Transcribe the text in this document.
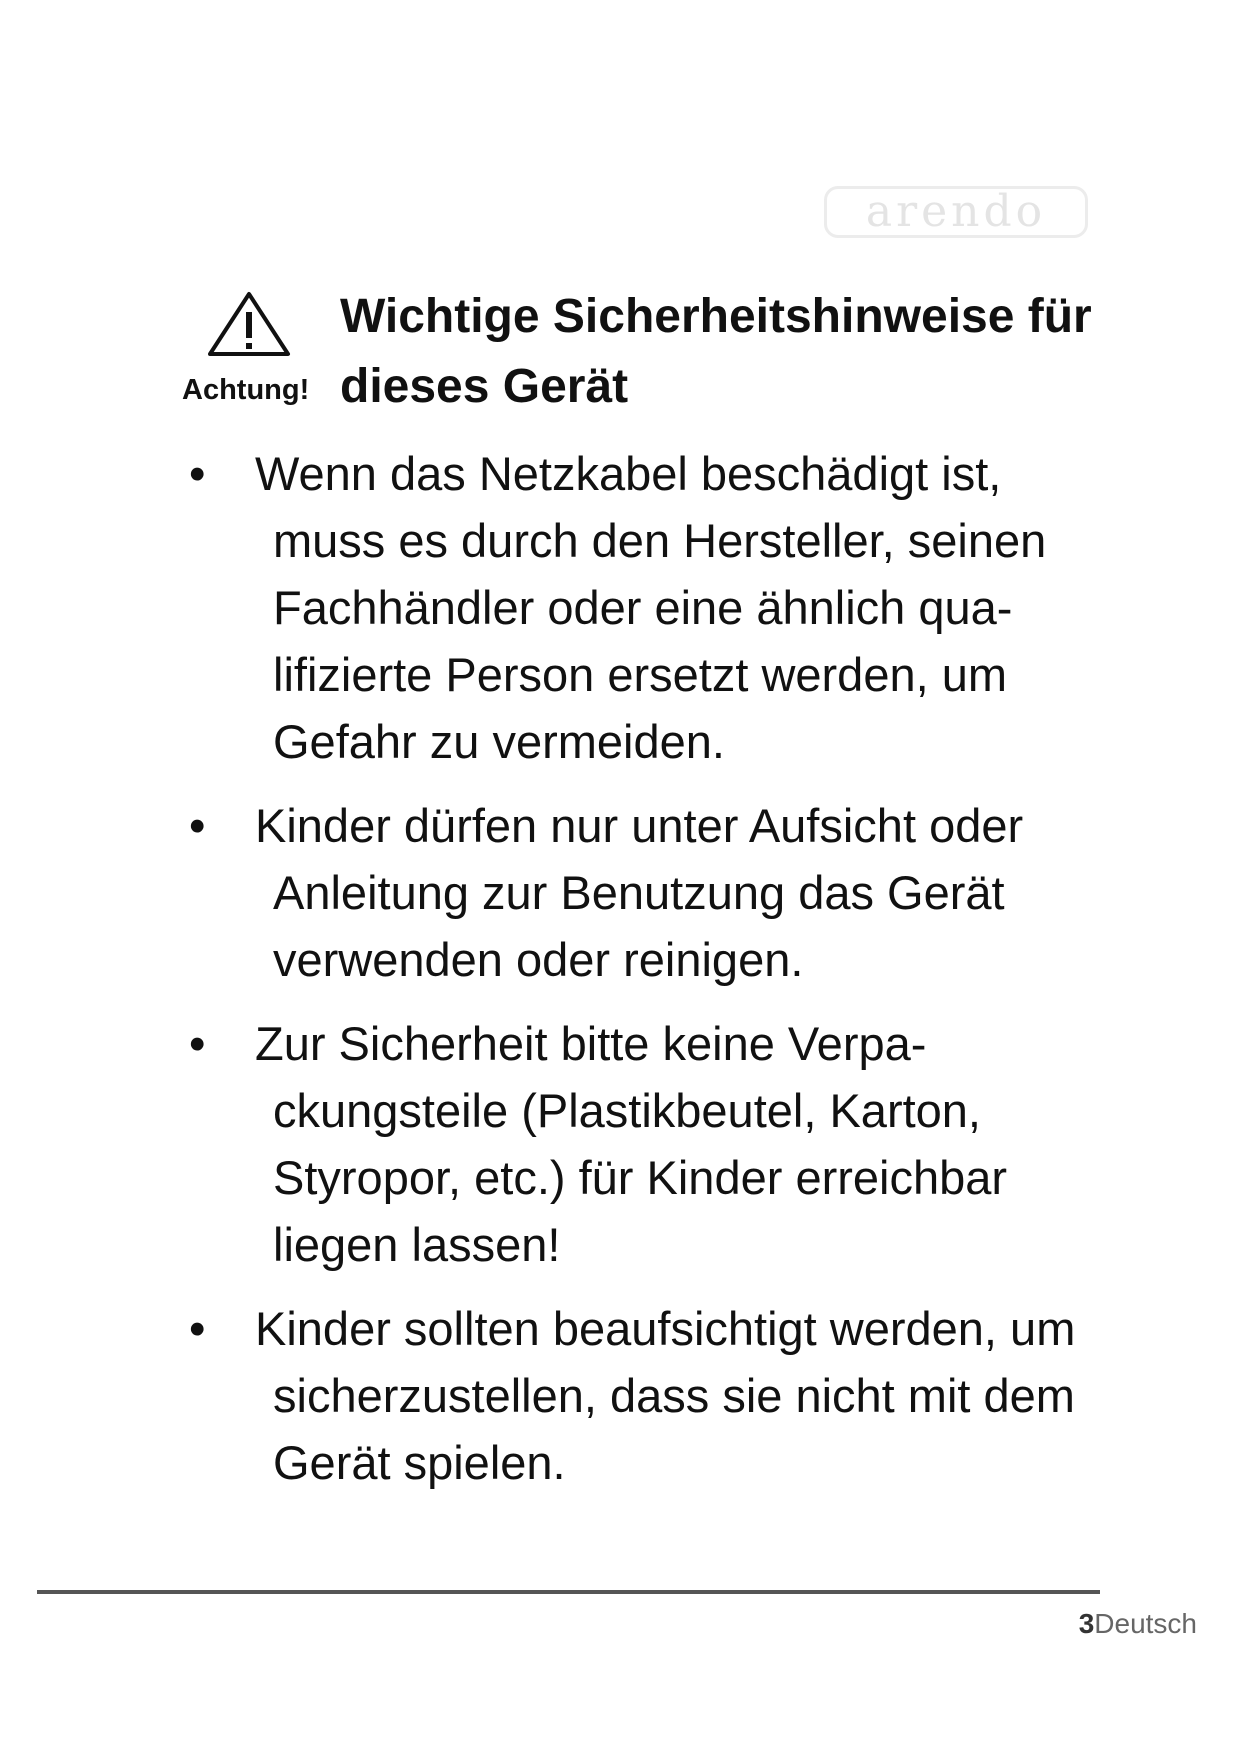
arendo
Achtung!
Wichtige Sicherheitshinweise für
dieses Gerät
• Wenn das Netzkabel beschädigt ist, muss es durch den Hersteller, seinen Fachhändler oder eine ähnlich qua-lifizierte Person ersetzt werden, um Gefahr zu vermeiden.
• Kinder dürfen nur unter Aufsicht oder Anleitung zur Benutzung das Gerät verwenden oder reinigen.
• Zur Sicherheit bitte keine Verpa-ckungsteile (Plastikbeutel, Karton, Styropor, etc.) für Kinder erreichbar liegen lassen!
• Kinder sollten beaufsichtigt werden, um sicherzustellen, dass sie nicht mit dem Gerät spielen.
3Deutsch
